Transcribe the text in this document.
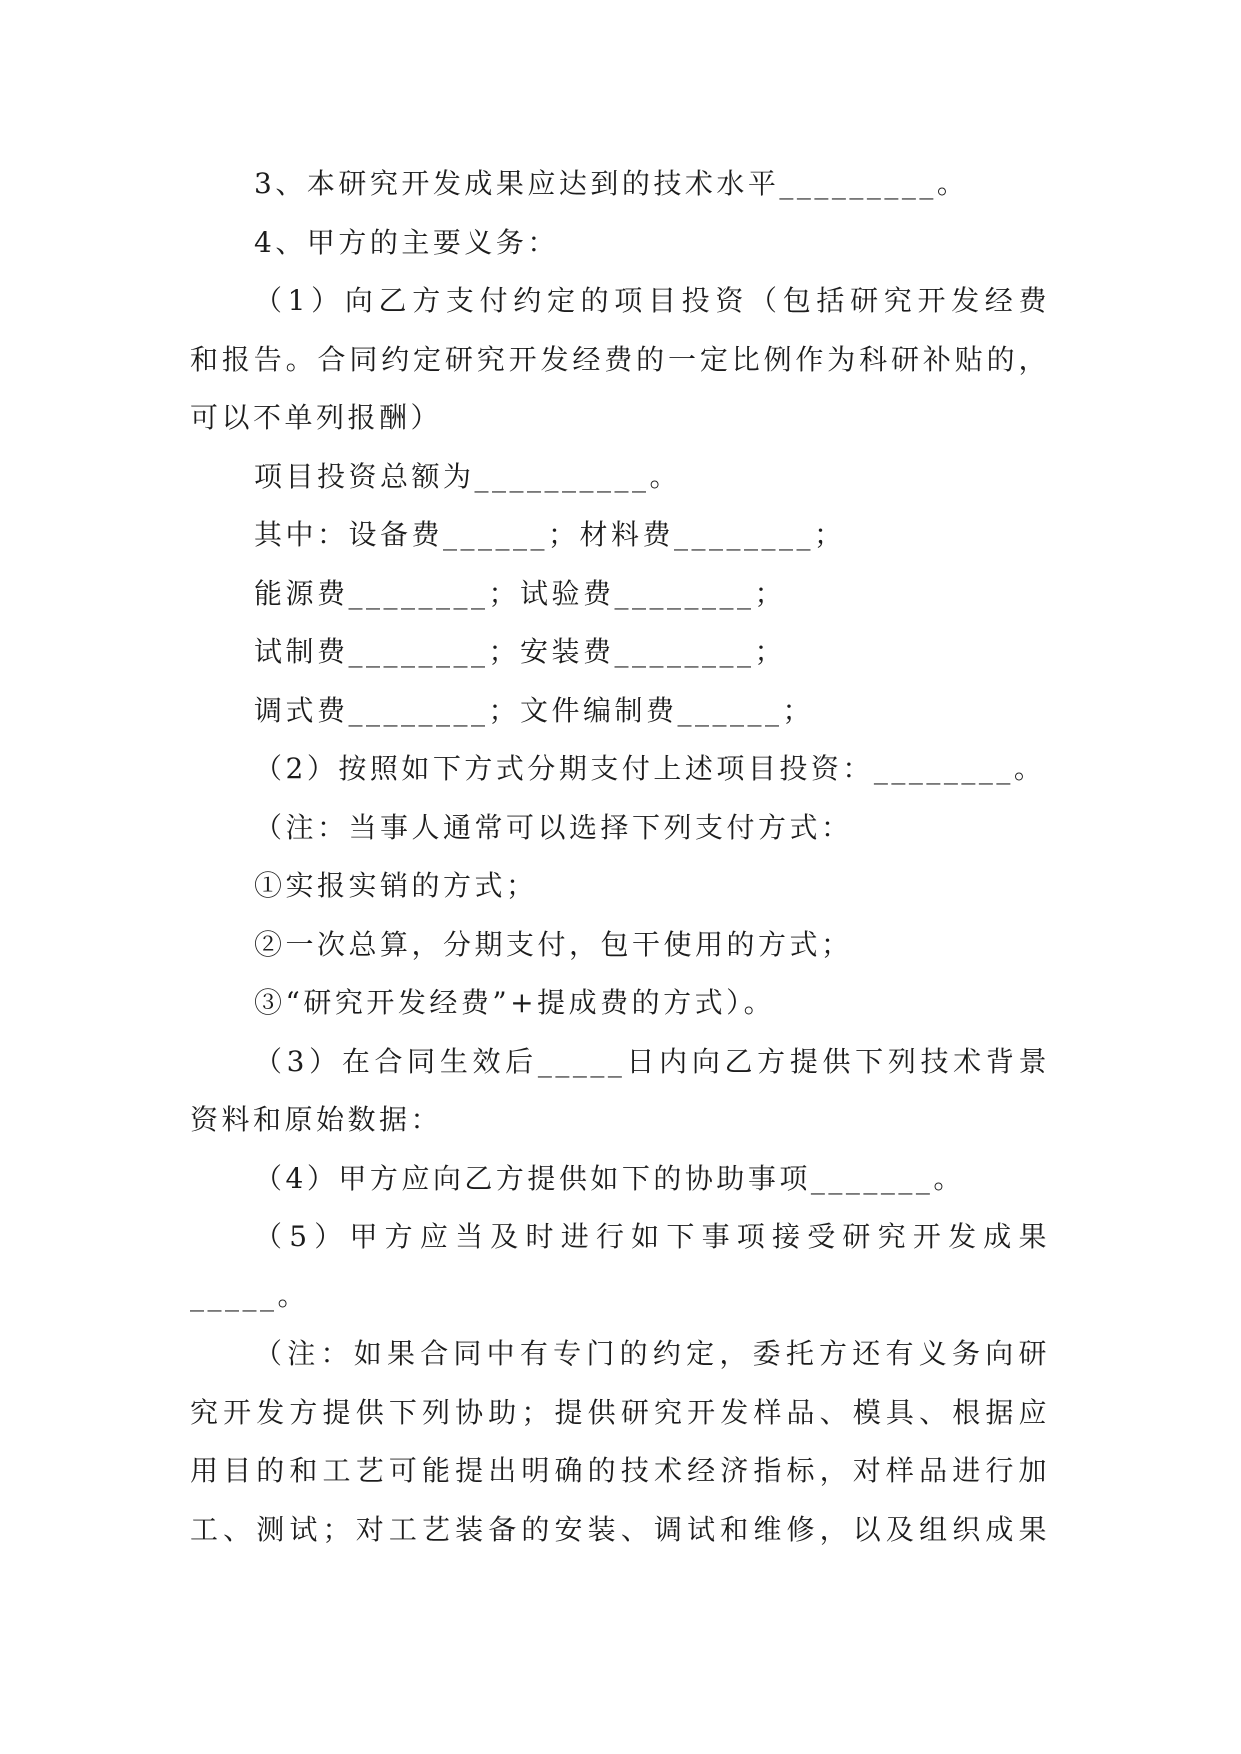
3、本研究开发成果应达到的技术水平_________。
4、甲方的主要义务：
（1）向乙方支付约定的项目投资（包括研究开发经费
和报告。合同约定研究开发经费的一定比例作为科研补贴的，
可以不单列报酬）
项目投资总额为__________。
其中：设备费______；材料费________；
能源费________；试验费________；
试制费________；安装费________；
调式费________；文件编制费______；
（2）按照如下方式分期支付上述项目投资：________。
（注：当事人通常可以选择下列支付方式：
①实报实销的方式；
②一次总算，分期支付，包干使用的方式；
③“研究开发经费”+提成费的方式）。
（3）在合同生效后_____日内向乙方提供下列技术背景
资料和原始数据：
（4）甲方应向乙方提供如下的协助事项_______。
（5）甲方应当及时进行如下事项接受研究开发成果
_____。
（注：如果合同中有专门的约定，委托方还有义务向研
究开发方提供下列协助；提供研究开发样品、模具、根据应
用目的和工艺可能提出明确的技术经济指标，对样品进行加
工、测试；对工艺装备的安装、调试和维修，以及组织成果
